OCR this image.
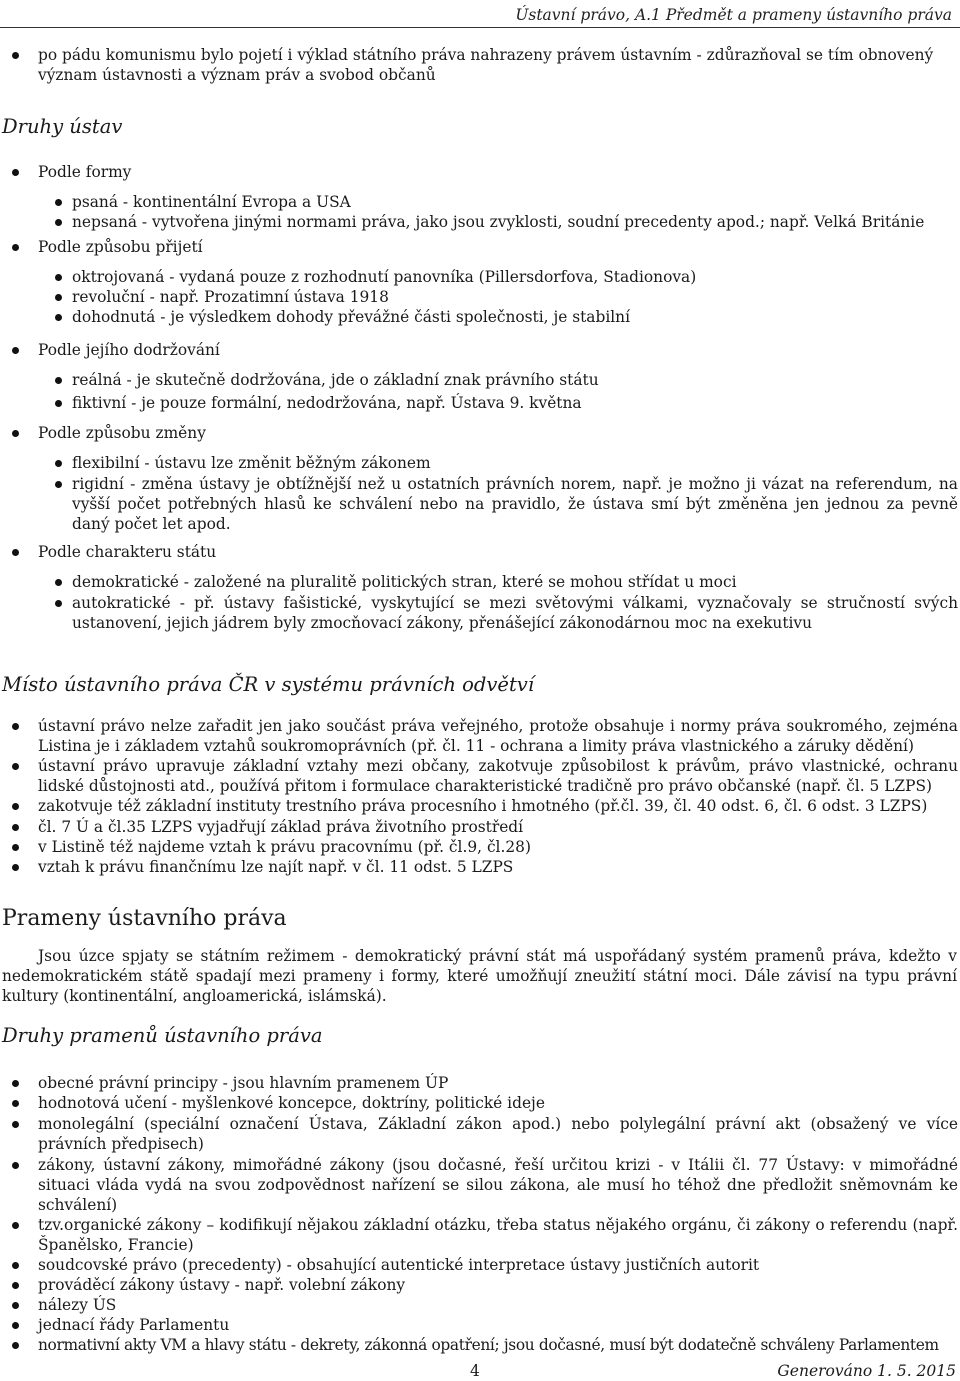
Ústavní právo, A.1 Předmět a prameny ústavního práva
po pádu komunismu bylo pojetí i výklad státního práva nahrazeny právem ústavním - zdůrazňoval se tím obnovený význam ústavnosti a význam práv a svobod občanů
Druhy ústav
Podle formy
psaná - kontinentální Evropa a USA
nepsaná - vytvořena jinými normami práva, jako jsou zvyklosti, soudní precedenty apod.; např. Velká Británie
Podle způsobu přijetí
oktrojovaná - vydaná pouze z rozhodnutí panovníka (Pillersdorfova, Stadionova)
revoluční - např. Prozatimní ústava 1918
dohodnutá - je výsledkem dohody převážné části společnosti, je stabilní
Podle jejího dodržování
reálná - je skutečně dodržována, jde o základní znak právního státu
fiktivní - je pouze formální, nedodržována, např. Ústava 9. května
Podle způsobu změny
flexibilní - ústavu lze změnit běžným zákonem
rigidní - změna ústavy je obtížnější než u ostatních právních norem, např. je možno ji vázat na referendum, na vyšší počet potřebných hlasů ke schválení nebo na pravidlo, že ústava smí být změněna jen jednou za pevně daný počet let apod.
Podle charakteru státu
demokratické - založené na pluralitě politických stran, které se mohou střídat u moci
autokratické - př. ústavy fašistické, vyskytující se mezi světovými válkami, vyznačovaly se stručností svých ustanovení, jejich jádrem byly zmocňovací zákony, přenášející zákonodárnou moc na exekutivu
Místo ústavního práva ČR v systému právních odvětví
ústavní právo nelze zařadit jen jako součást práva veřejného, protože obsahuje i normy práva soukromého, zejména Listina je i základem vztahů soukromoprávních (př. čl. 11 - ochrana a limity práva vlastnického a záruky dědění)
ústavní právo upravuje základní vztahy mezi občany, zakotvuje způsobilost k právům, právo vlastnické, ochranu lidské důstojnosti atd., používá přitom i formulace charakteristické tradičně pro právo občanské (např. čl. 5 LZPS)
zakotvuje též základní instituty trestního práva procesního i hmotného (př.čl. 39, čl. 40 odst. 6, čl. 6 odst. 3 LZPS)
čl. 7 Ú a čl.35 LZPS vyjadřují základ práva životního prostředí
v Listině též najdeme vztah k právu pracovnímu (př. čl.9, čl.28)
vztah k právu finančnímu lze najít např. v čl. 11 odst. 5 LZPS
Prameny ústavního práva
Jsou úzce spjaty se státním režimem - demokratický právní stát má uspořádaný systém pramenů práva, kdežto v nedemokratickém státě spadají mezi prameny i formy, které umožňují zneužití státní moci. Dále závisí na typu právní kultury (kontinentální, angloamerická, islámská).
Druhy pramenů ústavního práva
obecné právní principy - jsou hlavním pramenem ÚP
hodnotová učení - myšlenkové koncepce, doktríny, politické ideje
monolegální (speciální označení Ústava, Základní zákon apod.) nebo polylegální právní akt (obsažený ve více právních předpisech)
zákony, ústavní zákony, mimořádné zákony (jsou dočasné, řeší určitou krizi - v Itálii čl. 77 Ústavy: v mimořádné situaci vláda vydá na svou zodpovědnost nařízení se silou zákona, ale musí ho téhož dne předložit sněmovnám ke schválení)
tzv.organické zákony – kodifikují nějakou základní otázku, třeba status nějakého orgánu, či zákony o referendu (např. Španělsko, Francie)
soudcovské právo (precedenty) - obsahující autentické interpretace ústavy justičních autorit
prováděcí zákony ústavy - např. volební zákony
nálezy ÚS
jednací řády Parlamentu
normativní akty VM a hlavy státu - dekrety, zákonná opatření; jsou dočasné, musí být dodatečně schváleny Parlamentem
4	Generováno 1. 5. 2015
